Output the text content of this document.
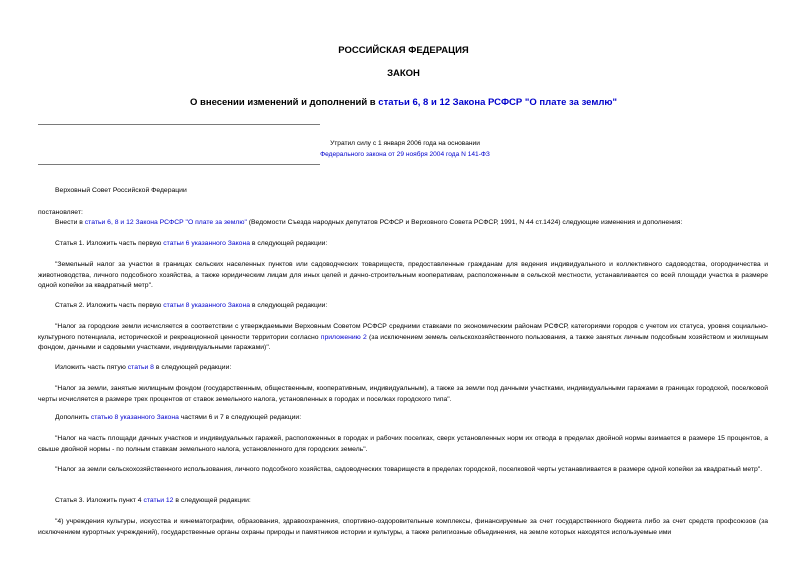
РОССИЙСКАЯ ФЕДЕРАЦИЯ
ЗАКОН
О внесении изменений и дополнений в статьи 6, 8 и 12 Закона РСФСР "О плате за землю"
Утратил силу с 1 января 2006 года на основании
Федерального закона от 29 ноября 2004 года N 141-ФЗ
Верховный Совет Российской Федерации
постановляет:
Внести в статьи 6, 8 и 12 Закона РСФСР "О плате за землю" (Ведомости Съезда народных депутатов РСФСР и Верховного Совета РСФСР, 1991, N 44 ст.1424) следующие изменения и дополнения:
Статья 1. Изложить часть первую статьи 6 указанного Закона в следующей редакции:
"Земельный налог за участки в границах сельских населенных пунктов или садоводческих товариществ, предоставленные гражданам для ведения индивидуального и коллективного садоводства, огородничества и животноводства, личного подсобного хозяйства, а также юридическим лицам для иных целей и дачно-строительным кооперативам, расположенным в сельской местности, устанавливается со всей площади участка в размере одной копейки за квадратный метр".
Статья 2. Изложить часть первую статьи 8 указанного Закона в следующей редакции:
"Налог за городские земли исчисляется в соответствии с утверждаемыми Верховным Советом РСФСР средними ставками по экономическим районам РСФСР, категориями городов с учетом их статуса, уровня социально-культурного потенциала, исторической и рекреационной ценности территории согласно приложению 2 (за исключением земель сельскохозяйственного пользования, а также занятых личным подсобным хозяйством и жилищным фондом, дачными и садовыми участками, индивидуальными гаражами)".
Изложить часть пятую статьи 8 в следующей редакции:
"Налог за земли, занятые жилищным фондом (государственным, общественным, кооперативным, индивидуальным), а также за земли под дачными участками, индивидуальными гаражами в границах городской, поселковой черты исчисляется в размере трех процентов от ставок земельного налога, установленных в городах и поселках городского типа".
Дополнить статью 8 указанного Закона частями 6 и 7 в следующей редакции:
"Налог на часть площади дачных участков и индивидуальных гаражей, расположенных в городах и рабочих поселках, сверх установленных норм их отвода в пределах двойной нормы взимается в размере 15 процентов, а свыше двойной нормы - по полным ставкам земельного налога, установленного для городских земель".
"Налог за земли сельскохозяйственного использования, личного подсобного хозяйства, садоводческих товариществ в пределах городской, поселковой черты устанавливается в размере одной копейки за квадратный метр".
Статья 3. Изложить пункт 4 статьи 12 в следующей редакции:
"4) учреждения культуры, искусства и кинематографии, образования, здравоохранения, спортивно-оздоровительные комплексы, финансируемые за счет государственного бюджета либо за счет средств профсоюзов (за исключением курортных учреждений), государственные органы охраны природы и памятников истории и культуры, а также религиозные объединения, на земле которых находятся используемые ими
